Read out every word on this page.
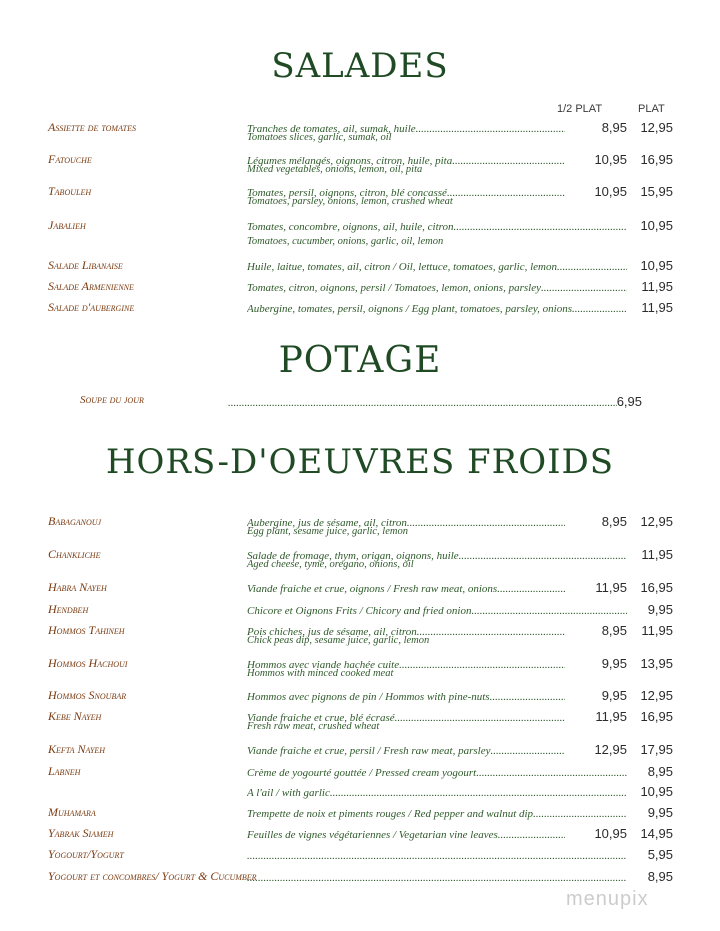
SALADES
1/2 PLAT	PLAT
Assiette de tomates	Tranches de tomates, ail, sumak, huile .....	8,95	12,95
Tomatoes slices, garlic, sumak, oil
Fatouche	Légumes mélangés, oignons, citron, huile, pita .....	10,95	16,95
Mixed vegetables, onions, lemon, oil, pita
Tabouleh	Tomates, persil, oignons, citron, blé concassé .....	10,95	15,95
Tomatoes, parsley, onions, lemon, crushed wheat
Jabalieh	Tomates, concombre, oignons, ail, huile, citron .....	10,95
Tomatoes, cucumber, onions, garlic, oil, lemon
Salade Libanaise	Huile, laitue, tomates, ail, citron / Oil, lettuce, tomatoes, garlic, lemon .....	10,95
Salade Armenienne	Tomates, citron, oignons, persil / Tomatoes, lemon, onions, parsley .....	11,95
Salade d'aubergine	Aubergine, tomates, persil, oignons / Egg plant, tomatoes, parsley, onions .....	11,95
POTAGE
Soupe du jour .....	6,95
HORS-D'OEUVRES FROIDS
Babaganouj	Aubergine, jus de sésame, ail, citron .....	8,95	12,95
Egg plant, sesame juice, garlic, lemon
Chankliche	Salade de fromage, thym, origan, oignons, huile .....	11,95
Aged cheese, tyme, oregano, onions, oil
Habra Nayeh	Viande fraiche et crue, oignons / Fresh raw meat, onions .....	11,95	16,95
Hendbeh	Chicore et Oignons Frits / Chicory and fried onion .....	9,95
Hommos Tahineh	Pois chiches, jus de sésame, ail, citron .....	8,95	11,95
Chick peas dip, sesame juice, garlic, lemon
Hommos Hachoui	Hommos avec viande hachée cuite .....	9,95	13,95
Hommos with minced cooked meat
Hommos Snoubar	Hommos avec pignons de pin / Hommos with pine-nuts .....	9,95	12,95
Kebe Nayeh	Viande fraiche et crue, blé écrasé .....	11,95	16,95
Fresh raw meat, crushed wheat
Kefta Nayeh	Viande fraiche et crue, persil / Fresh raw meat, parsley .....	12,95	17,95
Labneh	Crème de yogourté gouttée / Pressed cream yogourt .....	8,95
A l'ail / with garlic .....	10,95
Muhamara	Trempette de noix et piments rouges / Red pepper and walnut dip .....	9,95
Yabrak Siameh	Feuilles de vignes végétariennes / Vegetarian vine leaves .....	10,95	14,95
Yogourt/Yogurt .....	5,95
Yogourt et concombres/ Yogurt & Cucumber .....	8,95
menupix
